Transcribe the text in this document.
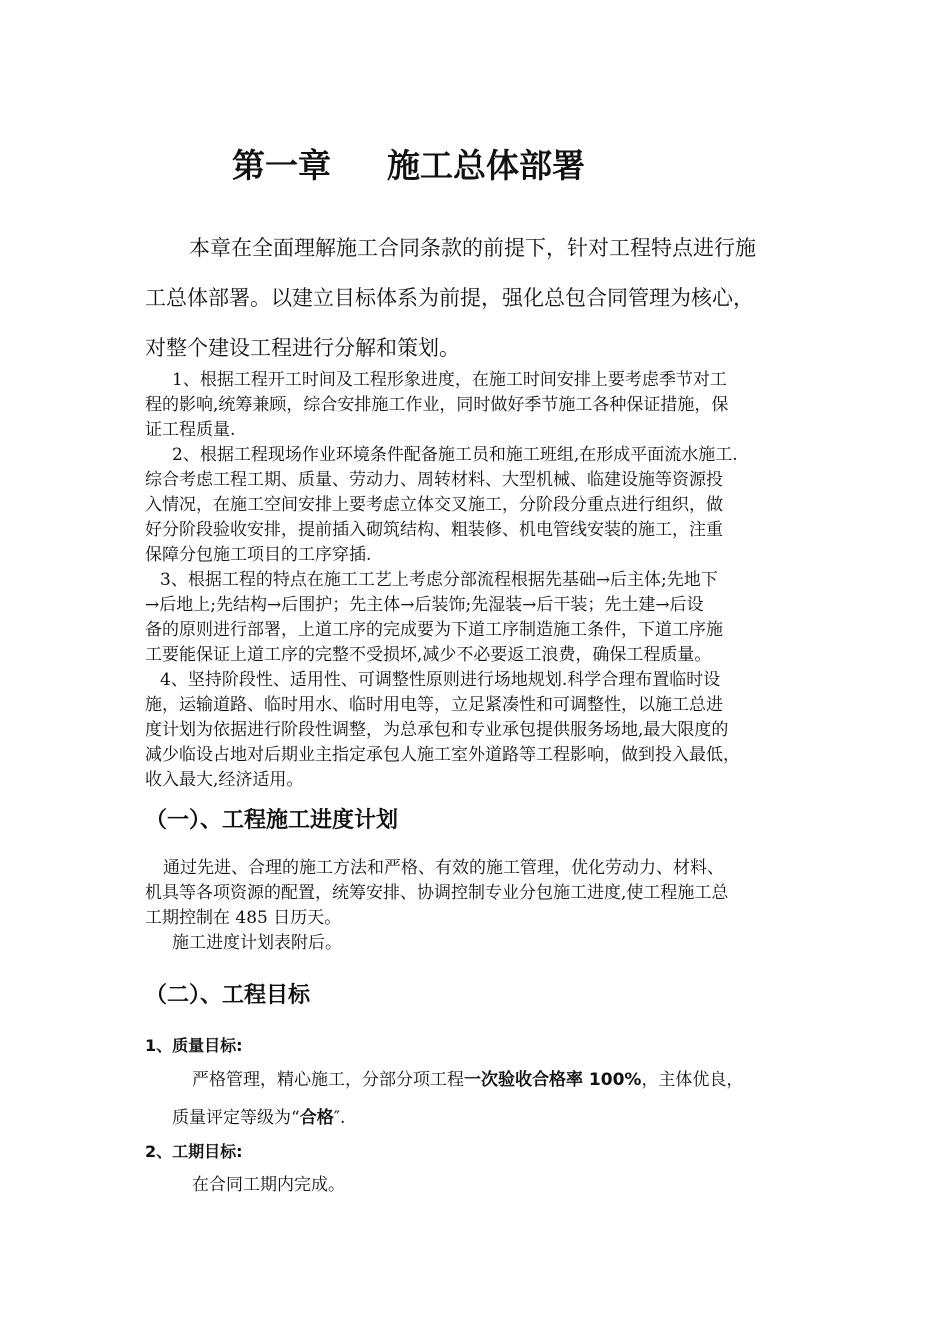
第一章 施工总体部署
本章在全面理解施工合同条款的前提下，针对工程特点进行施
工总体部署。以建立目标体系为前提，强化总包合同管理为核心，
对整个建设工程进行分解和策划。
1、根据工程开工时间及工程形象进度，在施工时间安排上要考虑季节对工
程的影响,统筹兼顾，综合安排施工作业，同时做好季节施工各种保证措施，保
证工程质量.
2、根据工程现场作业环境条件配备施工员和施工班组,在形成平面流水施工.
综合考虑工程工期、质量、劳动力、周转材料、大型机械、临建设施等资源投
入情况，在施工空间安排上要考虑立体交叉施工，分阶段分重点进行组织，做
好分阶段验收安排，提前插入砌筑结构、粗装修、机电管线安装的施工，注重
保障分包施工项目的工序穿插.
3、根据工程的特点在施工工艺上考虑分部流程根据先基础→后主体;先地下
→后地上;先结构→后围护；先主体→后装饰;先湿装→后干装；先土建→后设
备的原则进行部署，上道工序的完成要为下道工序制造施工条件，下道工序施
工要能保证上道工序的完整不受损坏,减少不必要返工浪费，确保工程质量。
4、坚持阶段性、适用性、可调整性原则进行场地规划.科学合理布置临时设
施，运输道路、临时用水、临时用电等，立足紧凑性和可调整性，以施工总进
度计划为依据进行阶段性调整，为总承包和专业承包提供服务场地,最大限度的
减少临设占地对后期业主指定承包人施工室外道路等工程影响，做到投入最低，
收入最大,经济适用。
（一）、工程施工进度计划
通过先进、合理的施工方法和严格、有效的施工管理，优化劳动力、材料、
机具等各项资源的配置，统筹安排、协调控制专业分包施工进度,使工程施工总
工期控制在 485 日历天。
施工进度计划表附后。
（二）、工程目标
1、质量目标:
严格管理，精心施工，分部分项工程一次验收合格率 100%，主体优良，
质量评定等级为“合格″.
2、工期目标:
在合同工期内完成。
